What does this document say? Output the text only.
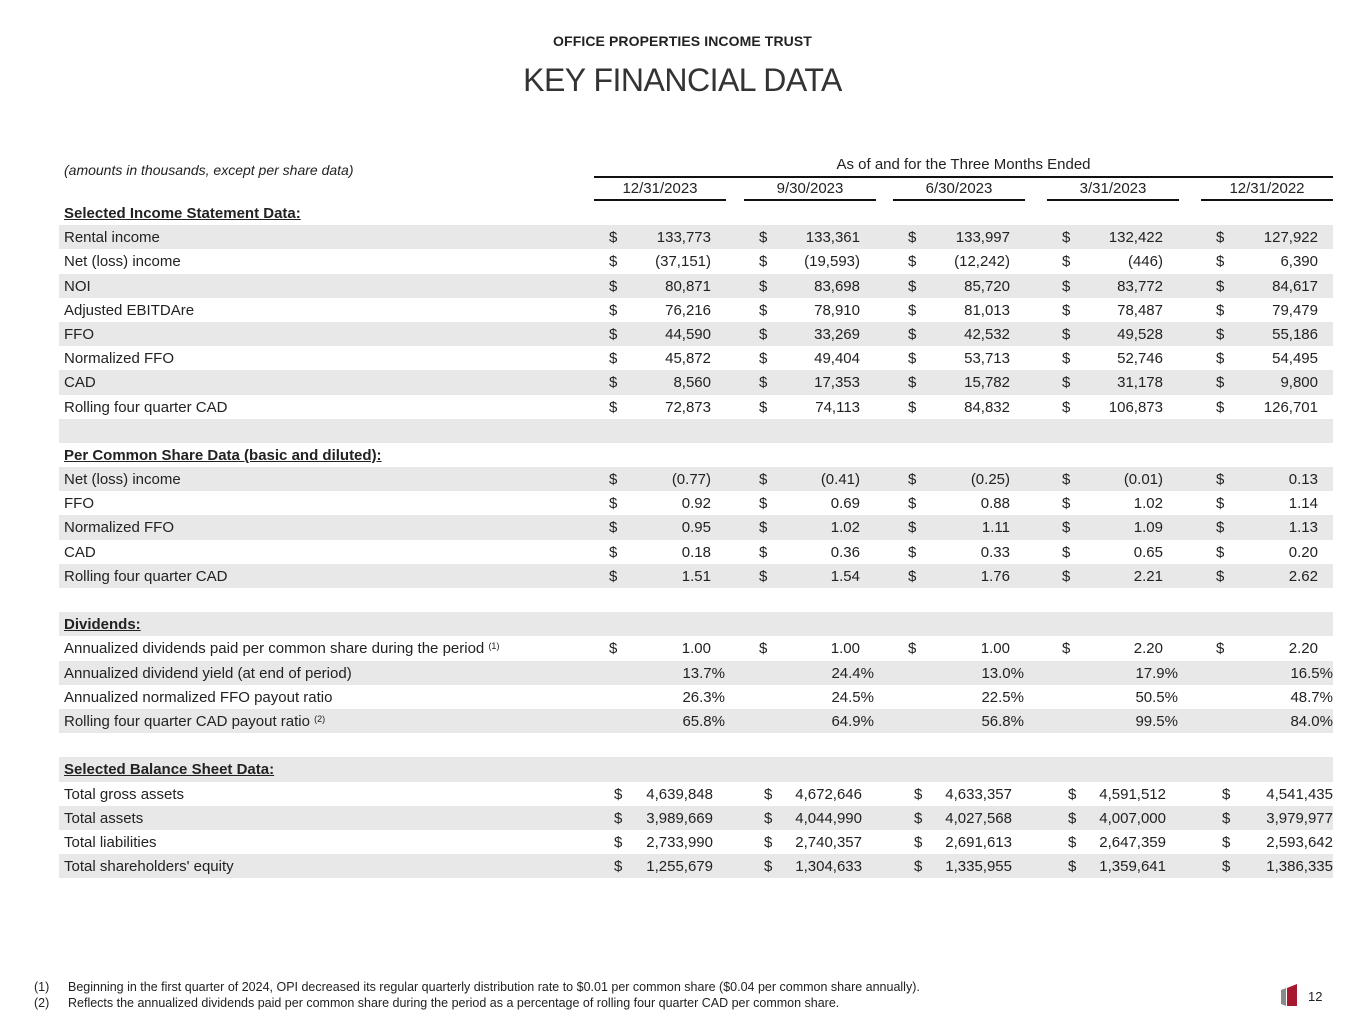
OFFICE PROPERTIES INCOME TRUST
KEY FINANCIAL DATA
(amounts in thousands, except per share data)	As of and for the Three Months Ended
12/31/2023	9/30/2023	6/30/2023	3/31/2023	12/31/2022
Selected Income Statement Data:
Rental income	$	133,773	$	133,361	$	133,997	$	132,422	$	127,922
Net (loss) income	$	(37,151)	$ (19,593)	$	(12,242)	$	(446)	$	6,390
NOI	$	80,871	$	83,698	$	85,720	$	83,772	$	84,617
Adjusted EBITDAre	$	76,216	$	78,910	$	81,013	$	78,487	$	79,479
FFO	$	44,590	$	33,269	$	42,532	$	49,528	$	55,186
Normalized FFO	$	45,872	$	49,404	$	53,713	$	52,746	$	54,495
CAD	$	8,560	$	17,353	$	15,782	$	31,178	$	9,800
Rolling four quarter CAD	$	72,873	$	74,113	$	84,832	$	106,873	$	126,701
Per Common Share Data (basic and diluted):
Net (loss) income	$	(0.77)	$	(0.41)	$	(0.25)	$	(0.01)	$	0.13
FFO	$	0.92	$	0.69	$	0.88	$	1.02	$	1.14
Normalized FFO	$	0.95	$	1.02	$	1.11	$	1.09	$	1.13
CAD	$	0.18	$	0.36	$	0.33	$	0.65	$	0.20
Rolling four quarter CAD	$	1.51	$	1.54	$	1.76	$	2.21	$	2.62
Dividends:
Annualized dividends paid per common share during the period $^{(1)}$	$	1.00	$	1.00	$	1.00	$	2.20	$	2.20
Annualized dividend yield (at end of period)	13.7%	24.4%	13.0%	17.9%	16.5%
Annualized normalized FFO payout ratio	26.3%	24.5%	22.5%	50.5%	48.7%
Rolling four quarter CAD payout ratio $^{(2)}$	65.8%	64.9%	56.8%	99.5%	84.0%
Selected Balance Sheet Data:
Total gross assets	$ 4,639,848	$ 4,672,646	$ 4,633,357	$ 4,591,512	$ 4,541,435
Total assets	$ 3,989,669	$ 4,044,990	$ 4,027,568	$ 4,007,000	$ 3,979,977
Total liabilities	$ 2,733,990	$ 2,740,357	$ 2,691,613	$ 2,647,359	$ 2,593,642
Total shareholders' equity	$ 1,255,679	$ 1,304,633	$ 1,335,955	$ 1,359,641	$ 1,386,335
(1)	Beginning in the first quarter of 2024, OPI decreased its regular quarterly distribution rate to $0.01 per common share ($0.04 per common share annually).
(2)	Reflects the annualized dividends paid per common share during the period as a percentage of rolling four quarter CAD per common share.	12
